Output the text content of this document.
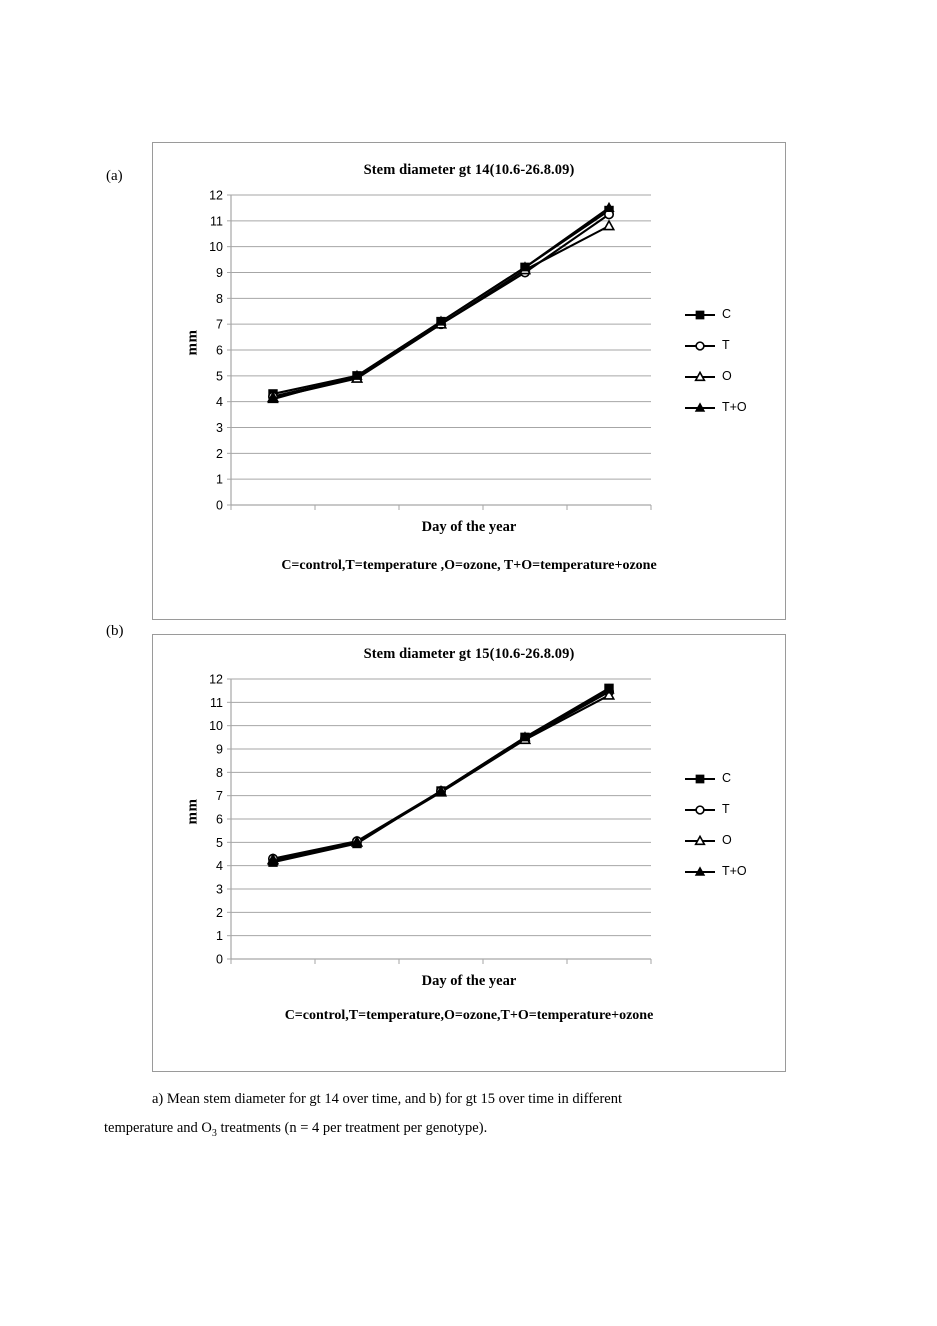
(a)
(b)
Stem diameter gt 14(10.6-26.8.09)
mm
0
1
2
3
4
5
6
7
8
9
10
11
12
C
T
O
T+O
Day of the year
C=control,T=temperature ,O=ozone, T+O=temperature+ozone
Stem diameter gt 15(10.6-26.8.09)
mm
0
1
2
3
4
5
6
7
8
9
10
11
12
C
T
O
T+O
Day of the year
C=control,T=temperature,O=ozone,T+O=temperature+ozone
a) Mean stem diameter for gt 14 over time, and b) for gt 15 over time in different
temperature and $O_3$ treatments (n = 4 per treatment per genotype).
